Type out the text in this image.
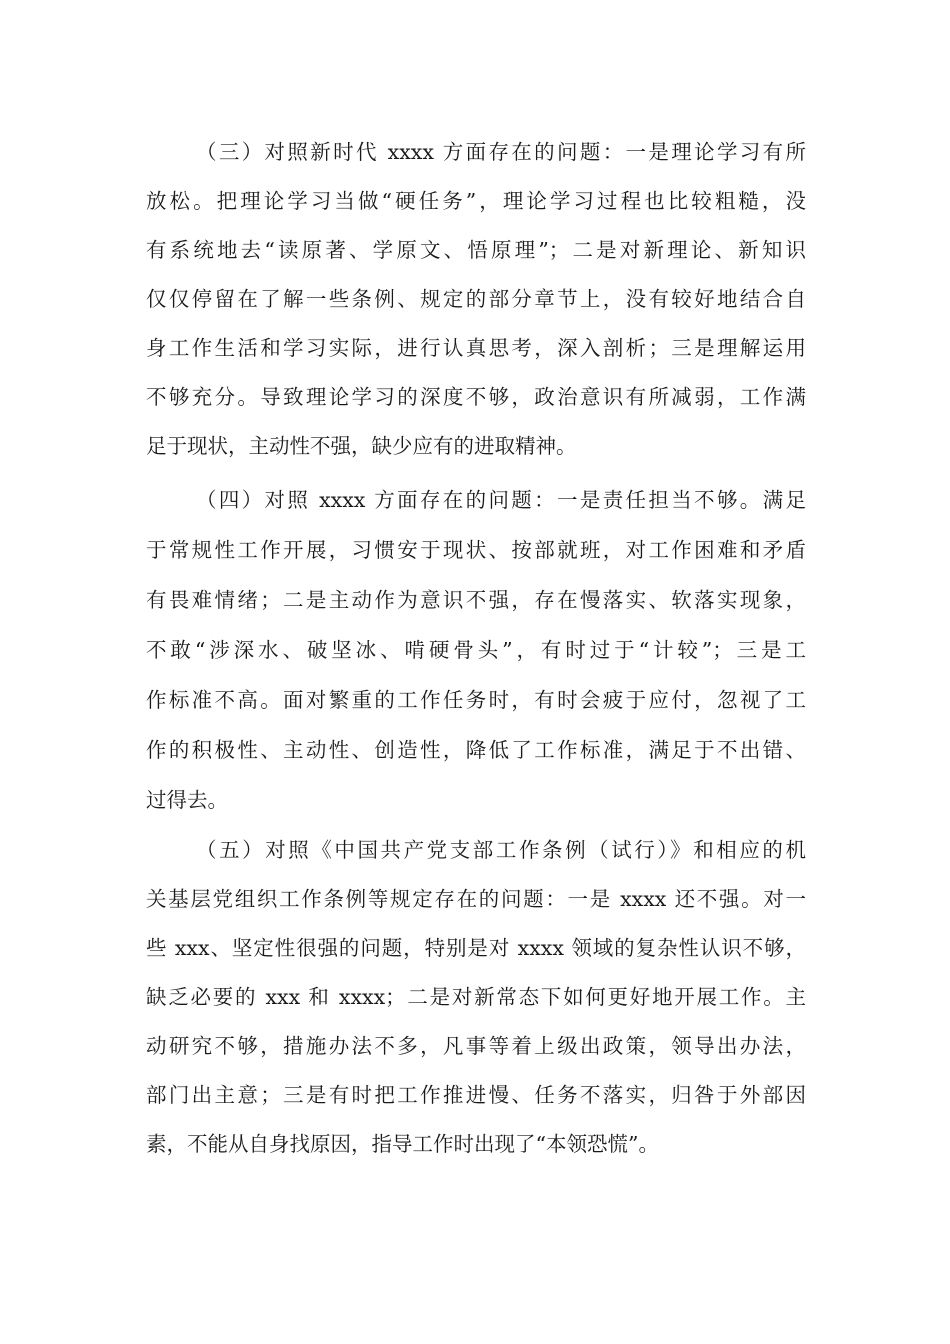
（三）对照新时代 xxxx 方面存在的问题：一是理论学习有所
放松。把理论学习当做“硬任务”，理论学习过程也比较粗糙，没
有系统地去“读原著、学原文、悟原理”；二是对新理论、新知识
仅仅停留在了解一些条例、规定的部分章节上，没有较好地结合自
身工作生活和学习实际，进行认真思考，深入剖析；三是理解运用
不够充分。导致理论学习的深度不够，政治意识有所减弱，工作满
足于现状，主动性不强，缺少应有的进取精神。
（四）对照 xxxx 方面存在的问题：一是责任担当不够。满足
于常规性工作开展，习惯安于现状、按部就班，对工作困难和矛盾
有畏难情绪；二是主动作为意识不强，存在慢落实、软落实现象，
不敢“涉深水、破坚冰、啃硬骨头”，有时过于“计较”；三是工
作标准不高。面对繁重的工作任务时，有时会疲于应付，忽视了工
作的积极性、主动性、创造性，降低了工作标准，满足于不出错、
过得去。
（五）对照《中国共产党支部工作条例（试行）》和相应的机
关基层党组织工作条例等规定存在的问题：一是 xxxx 还不强。对一
些 xxx、坚定性很强的问题，特别是对 xxxx 领域的复杂性认识不够，
缺乏必要的 xxx 和 xxxx；二是对新常态下如何更好地开展工作。主
动研究不够，措施办法不多，凡事等着上级出政策，领导出办法，
部门出主意；三是有时把工作推进慢、任务不落实，归咎于外部因
素，不能从自身找原因，指导工作时出现了“本领恐慌”。
